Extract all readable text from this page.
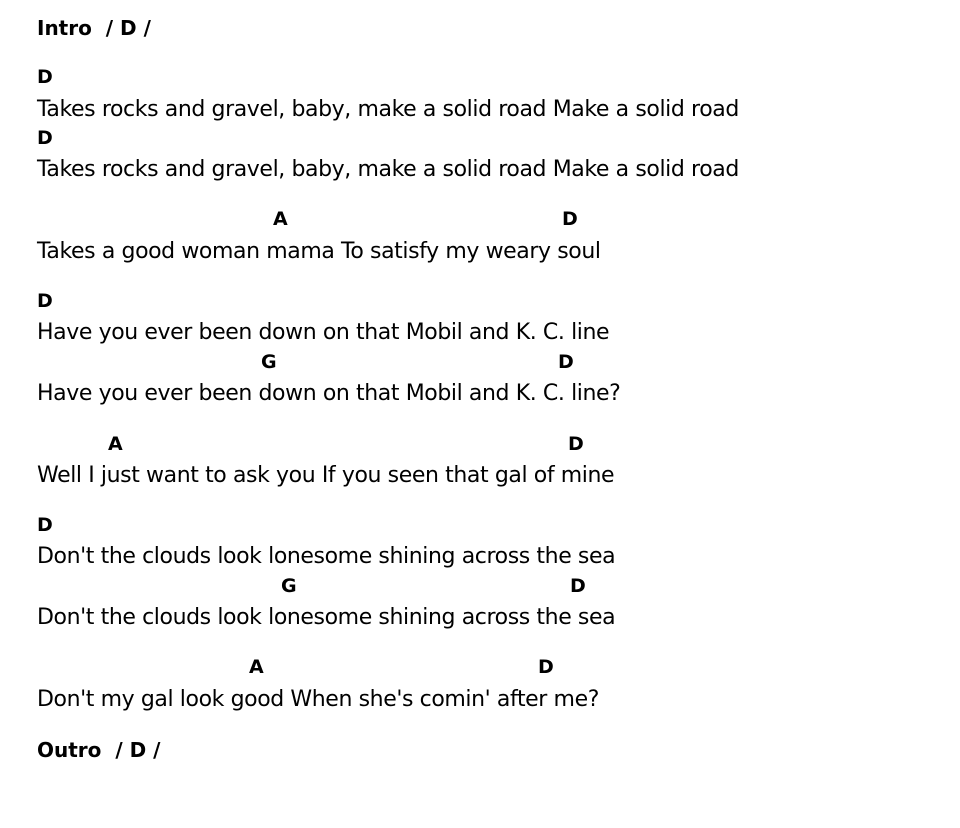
Intro / D /
D
Takes rocks and gravel, baby, make a solid road Make a solid road
D
Takes rocks and gravel, baby, make a solid road Make a solid road
A	D
Takes a good woman mama To satisfy my weary soul
D
Have you ever been down on that Mobil and K. C. line
G	D
Have you ever been down on that Mobil and K. C. line?
A	D
Well I just want to ask you If you seen that gal of mine
D
Don't the clouds look lonesome shining across the sea
G	D
Don't the clouds look lonesome shining across the sea
A	D
Don't my gal look good When she's comin' after me?
Outro / D /
